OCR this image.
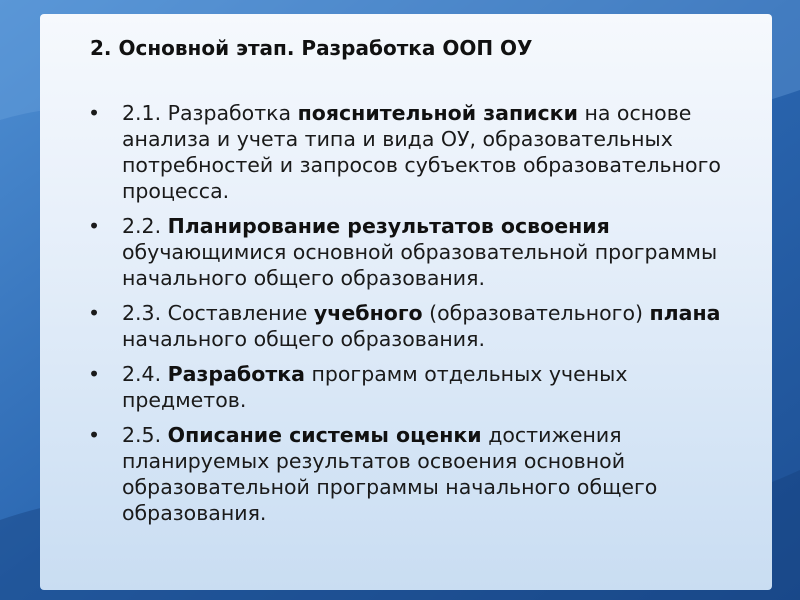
2. Основной этап. Разработка ООП ОУ
• 2.1. Разработка пояснительной записки на основе анализа и учета типа и вида ОУ, образовательных потребностей и запросов субъектов образовательного процесса.
• 2.2. Планирование результатов освоения обучающимися основной образовательной программы начального общего образования.
• 2.3. Составление учебного (образовательного) плана начального общего образования.
• 2.4. Разработка программ отдельных ученых предметов.
• 2.5. Описание системы оценки достижения планируемых результатов освоения основной образовательной программы начального общего образования.
